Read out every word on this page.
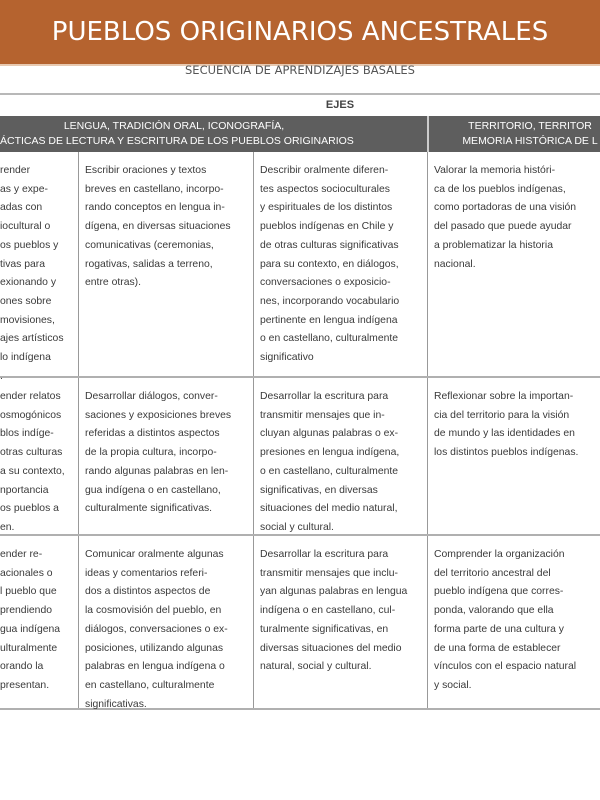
PUEBLOS ORIGINARIOS ANCESTRALES
SECUENCIA DE APRENDIZAJES BASALES
EJES
LENGUA, TRADICIÓN ORAL, ICONOGRAFÍA,
ÁCTICAS DE LECTURA Y ESCRITURA DE LOS PUEBLOS ORIGINARIOS
TERRITORIO, TERRITOR
MEMORIA HISTÓRICA DE L
render
as y expe-
adas con
iocultural o
os pueblos y
tivas para
exionando y
ones sobre
movisiones,
ajes artísticos
lo indígena
.
Escribir oraciones y textos
breves en castellano, incorpo-
rando conceptos en lengua in-
dígena, en diversas situaciones
comunicativas (ceremonias,
rogativas, salidas a terreno,
entre otras).
Describir oralmente diferen-
tes aspectos socioculturales
y espirituales de los distintos
pueblos indígenas en Chile y
de otras culturas significativas
para su contexto, en diálogos,
conversaciones o exposicio-
nes, incorporando vocabulario
pertinente en lengua indígena
o en castellano, culturalmente
significativo
Valorar la memoria históri-
ca de los pueblos indígenas,
como portadoras de una visión
del pasado que puede ayudar
a problematizar la historia
nacional.
ender relatos
osmogónicos
blos indíge-
otras culturas
a su contexto,
nportancia
os pueblos a
en.
Desarrollar diálogos, conver-
saciones y exposiciones breves
referidas a distintos aspectos
de la propia cultura, incorpo-
rando algunas palabras en len-
gua indígena o en castellano,
culturalmente significativas.
Desarrollar la escritura para
transmitir mensajes que in-
cluyan algunas palabras o ex-
presiones en lengua indígena,
o en castellano, culturalmente
significativas, en diversas
situaciones del medio natural,
social y cultural.
Reflexionar sobre la importan-
cia del territorio para la visión
de mundo y las identidades en
los distintos pueblos indígenas.
ender re-
acionales o
l pueblo que
prendiendo
gua indígena
ulturalmente
orando la
presentan.
Comunicar oralmente algunas
ideas y comentarios referi-
dos a distintos aspectos de
la cosmovisión del pueblo, en
diálogos, conversaciones o ex-
posiciones, utilizando algunas
palabras en lengua indígena o
en castellano, culturalmente
significativas.
Desarrollar la escritura para
transmitir mensajes que inclu-
yan algunas palabras en lengua
indígena o en castellano, cul-
turalmente significativas, en
diversas situaciones del medio
natural, social y cultural.
Comprender la organización
del territorio ancestral del
pueblo indígena que corres-
ponda, valorando que ella
forma parte de una cultura y
de una forma de establecer
vínculos con el espacio natural
y social.
